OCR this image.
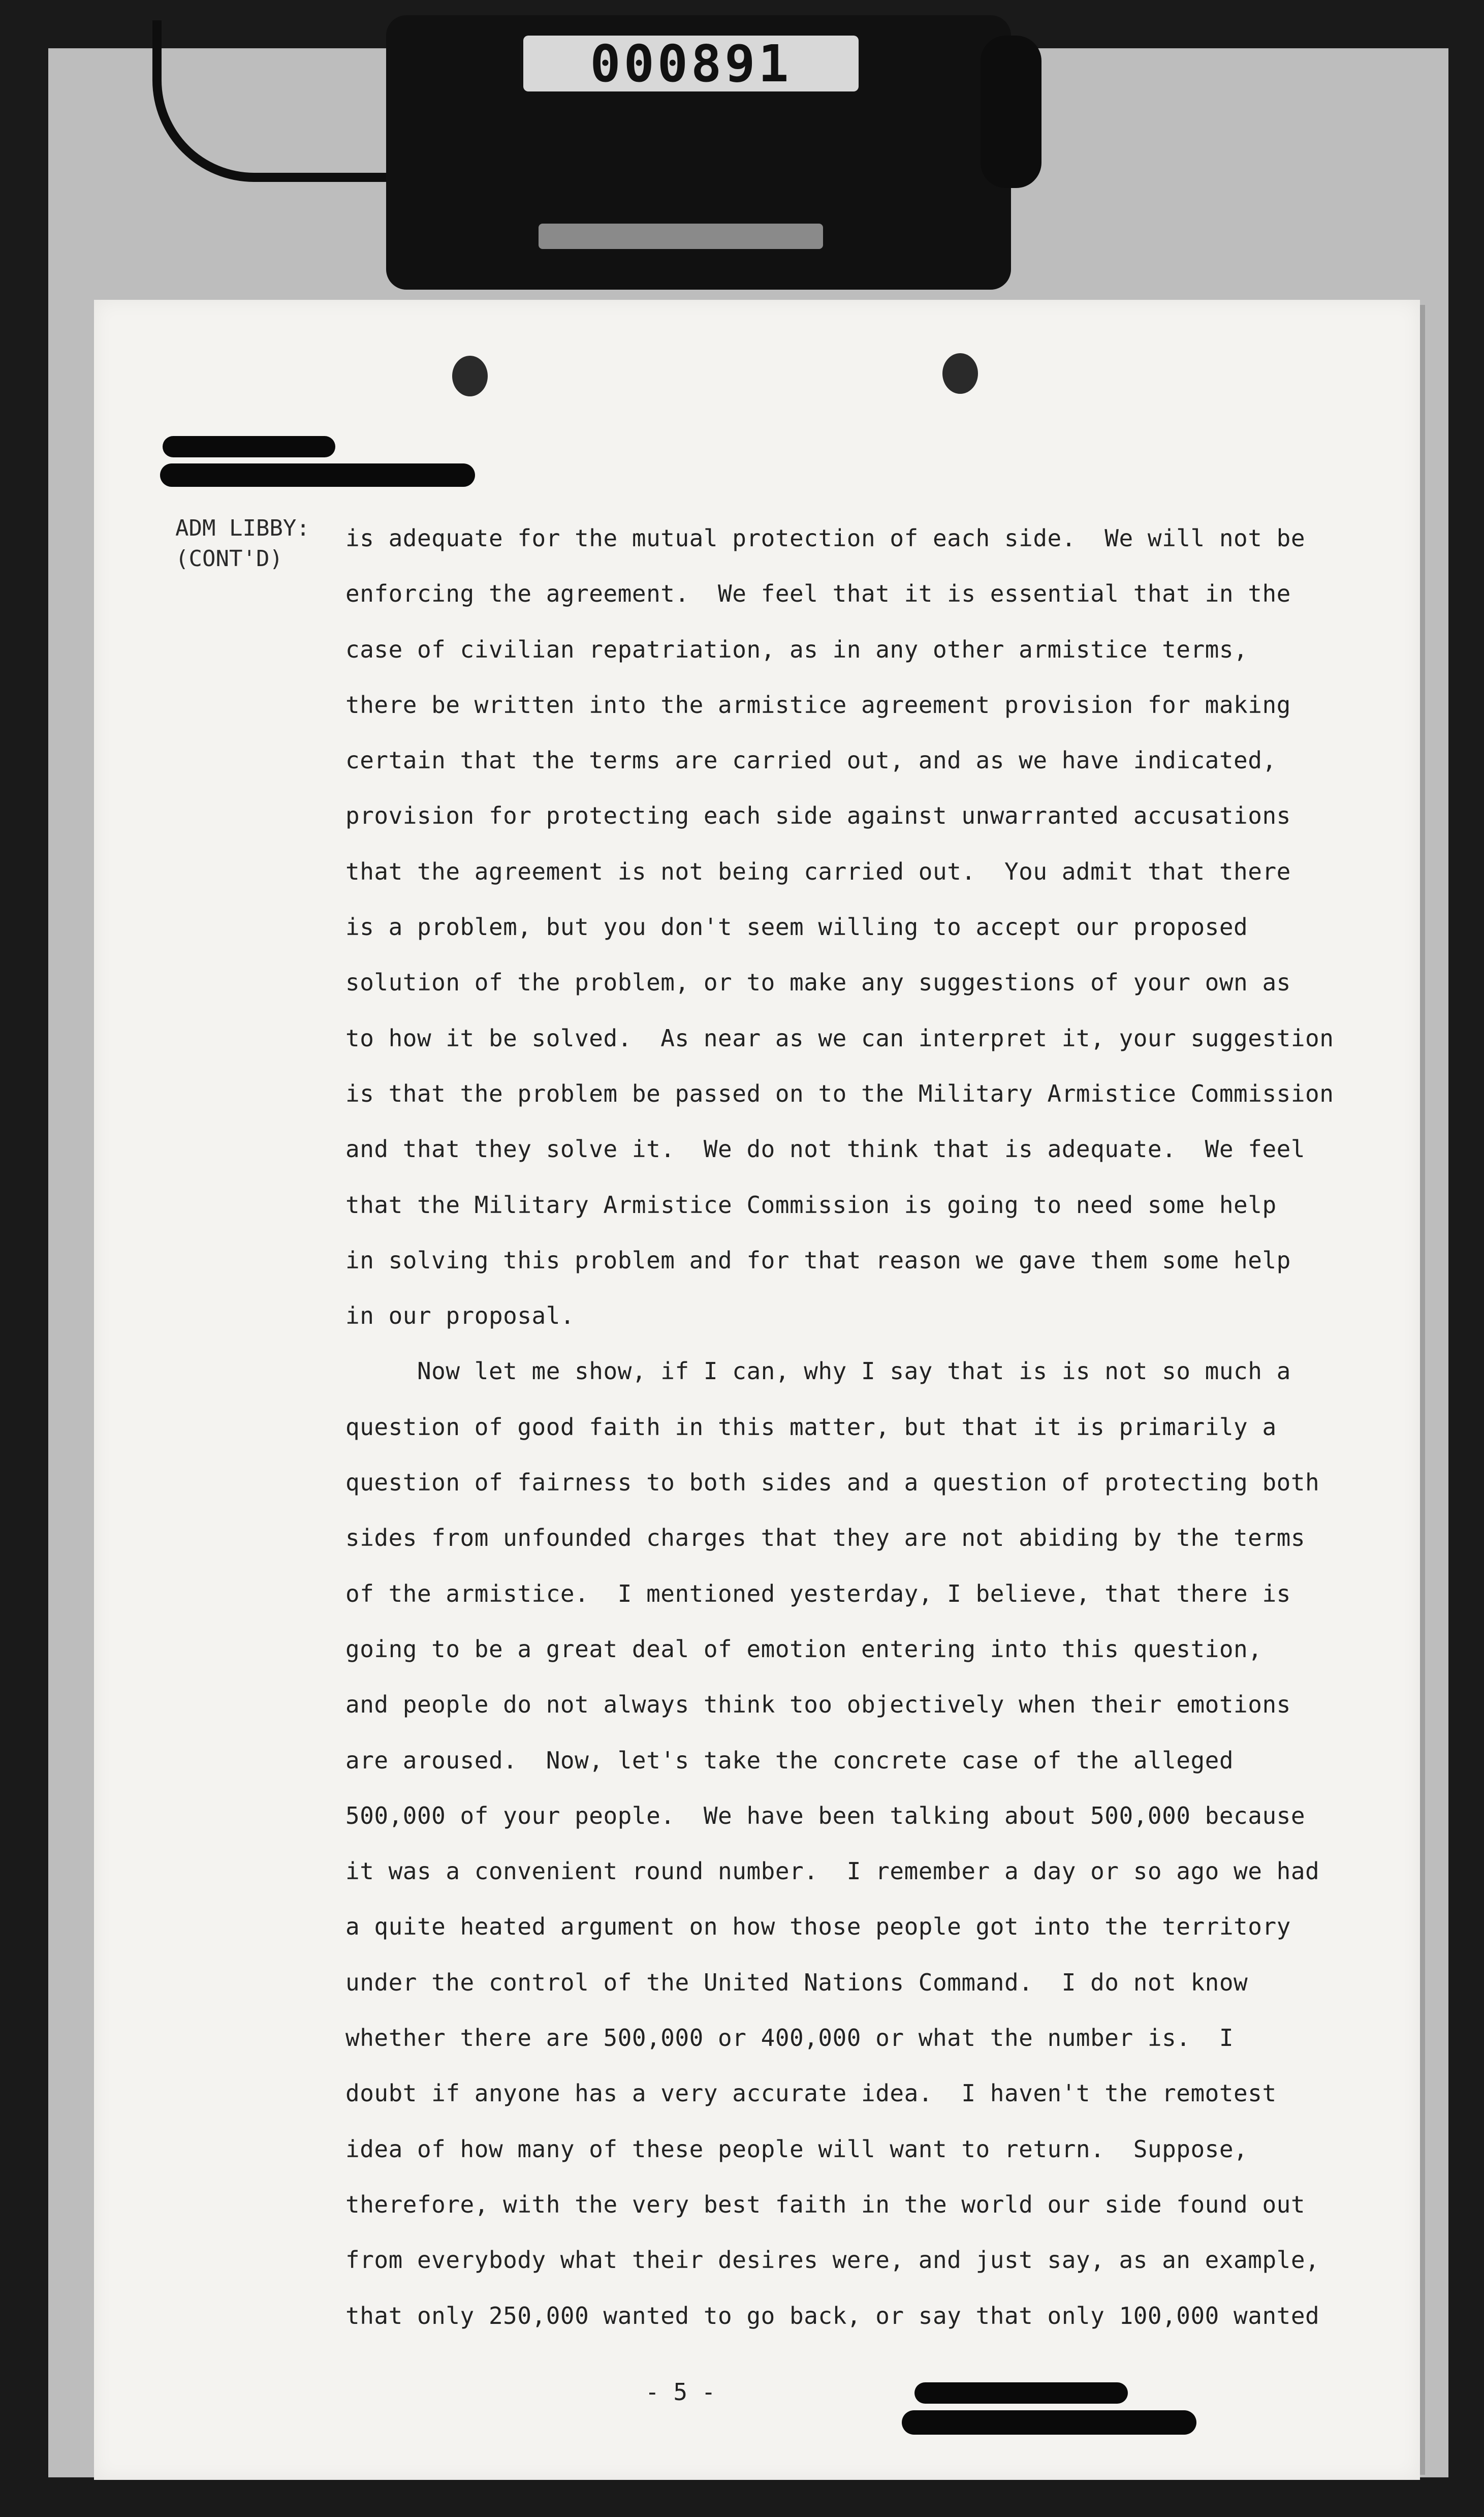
000891
ADM LIBBY:
(CONT'D)
is adequate for the mutual protection of each side.  We will not be
enforcing the agreement.  We feel that it is essential that in the
case of civilian repatriation, as in any other armistice terms,
there be written into the armistice agreement provision for making
certain that the terms are carried out, and as we have indicated,
provision for protecting each side against unwarranted accusations
that the agreement is not being carried out.  You admit that there
is a problem, but you don't seem willing to accept our proposed
solution of the problem, or to make any suggestions of your own as
to how it be solved.  As near as we can interpret it, your suggestion
is that the problem be passed on to the Military Armistice Commission
and that they solve it.  We do not think that is adequate.  We feel
that the Military Armistice Commission is going to need some help
in solving this problem and for that reason we gave them some help
in our proposal.
Now let me show, if I can, why I say that is is not so much a
question of good faith in this matter, but that it is primarily a
question of fairness to both sides and a question of protecting both
sides from unfounded charges that they are not abiding by the terms
of the armistice.  I mentioned yesterday, I believe, that there is
going to be a great deal of emotion entering into this question,
and people do not always think too objectively when their emotions
are aroused.  Now, let's take the concrete case of the alleged
500,000 of your people.  We have been talking about 500,000 because
it was a convenient round number.  I remember a day or so ago we had
a quite heated argument on how those people got into the territory
under the control of the United Nations Command.  I do not know
whether there are 500,000 or 400,000 or what the number is.  I
doubt if anyone has a very accurate idea.  I haven't the remotest
idea of how many of these people will want to return.  Suppose,
therefore, with the very best faith in the world our side found out
from everybody what their desires were, and just say, as an example,
that only 250,000 wanted to go back, or say that only 100,000 wanted
- 5 -
